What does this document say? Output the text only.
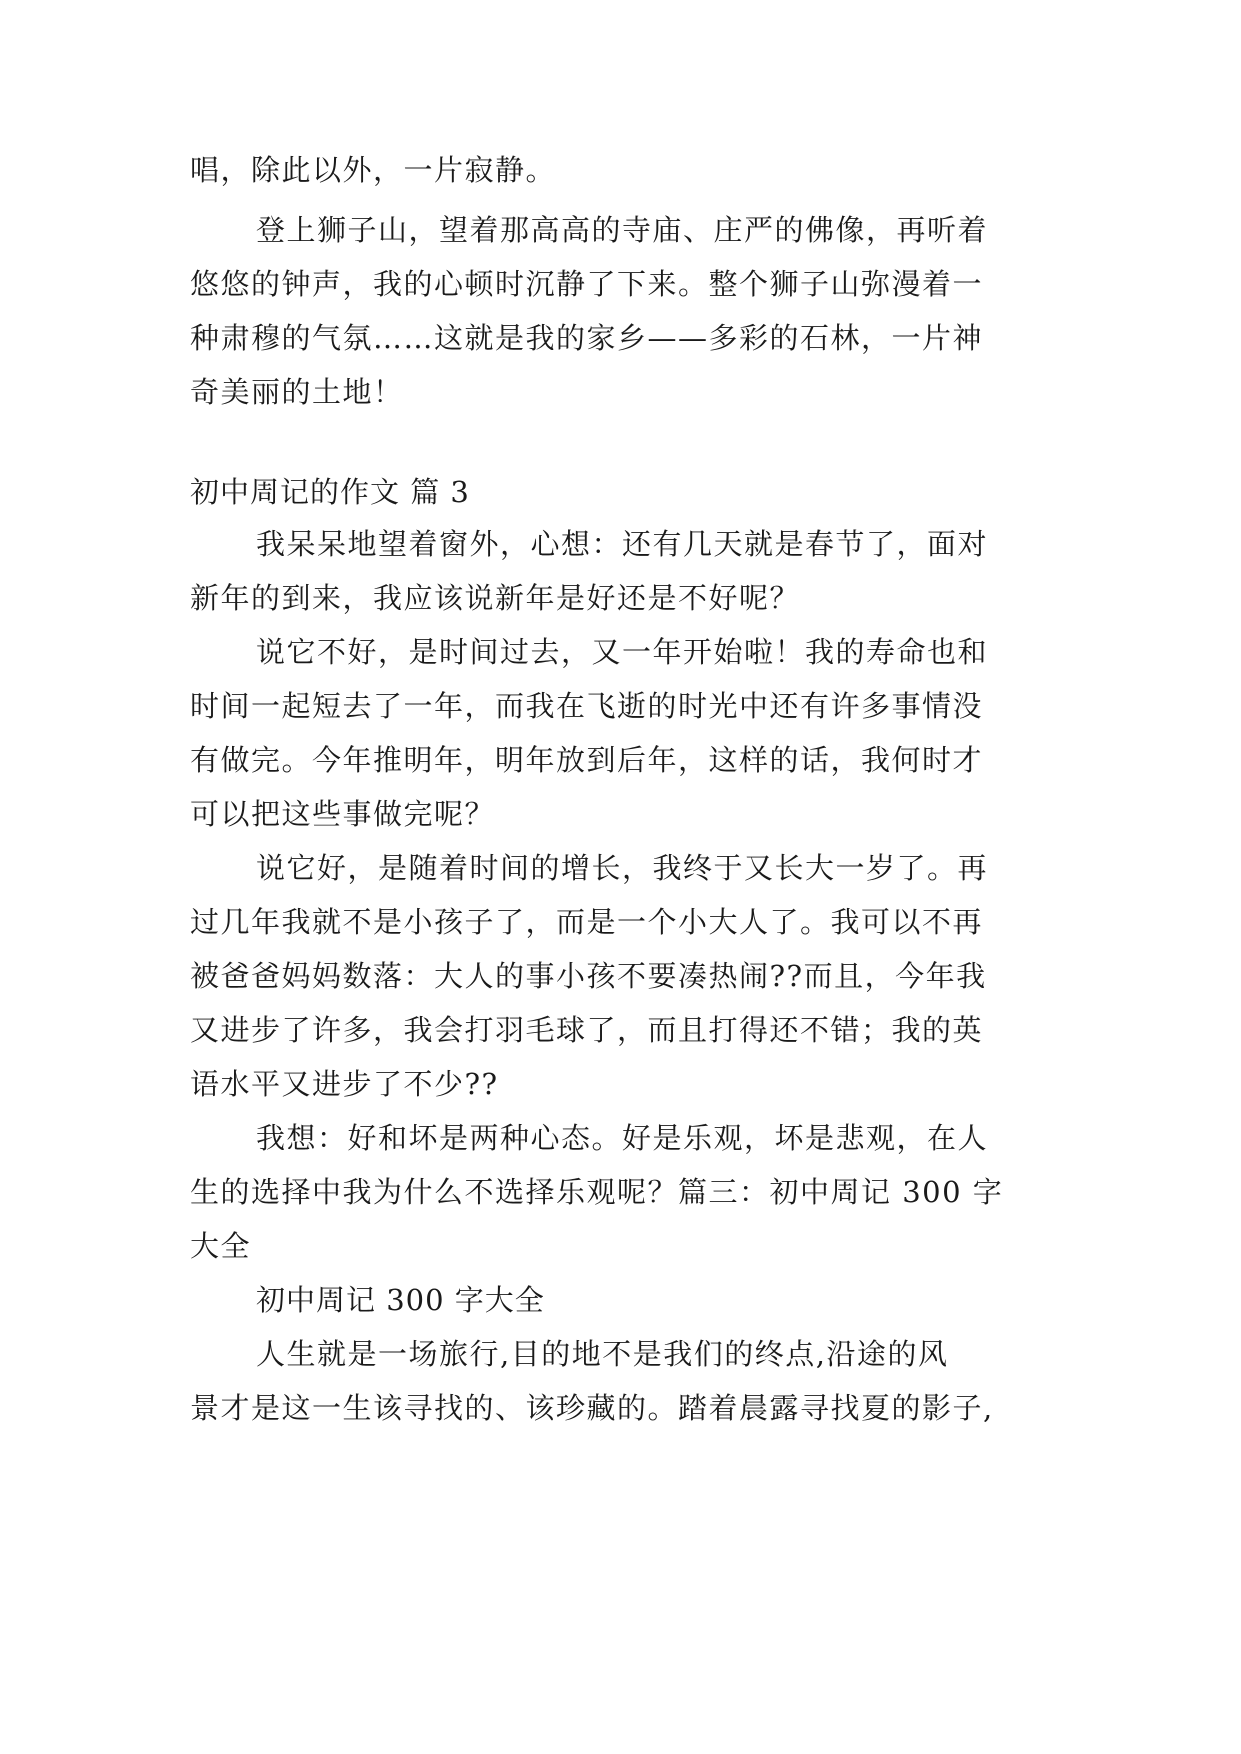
唱，除此以外，一片寂静。
登上狮子山，望着那高高的寺庙、庄严的佛像，再听着
悠悠的钟声，我的心顿时沉静了下来。整个狮子山弥漫着一
种肃穆的气氛……这就是我的家乡——多彩的石林，一片神
奇美丽的土地！
初中周记的作文 篇 3
我呆呆地望着窗外，心想：还有几天就是春节了，面对
新年的到来，我应该说新年是好还是不好呢？
说它不好，是时间过去，又一年开始啦！我的寿命也和
时间一起短去了一年，而我在飞逝的时光中还有许多事情没
有做完。今年推明年，明年放到后年，这样的话，我何时才
可以把这些事做完呢？
说它好，是随着时间的增长，我终于又长大一岁了。再
过几年我就不是小孩子了，而是一个小大人了。我可以不再
被爸爸妈妈数落：大人的事小孩不要凑热闹??而且，今年我
又进步了许多，我会打羽毛球了，而且打得还不错；我的英
语水平又进步了不少??
我想：好和坏是两种心态。好是乐观，坏是悲观，在人
生的选择中我为什么不选择乐观呢？篇三：初中周记 300 字
大全
初中周记 300 字大全
人生就是一场旅行,目的地不是我们的终点,沿途的风
景才是这一生该寻找的、该珍藏的。踏着晨露寻找夏的影子,
